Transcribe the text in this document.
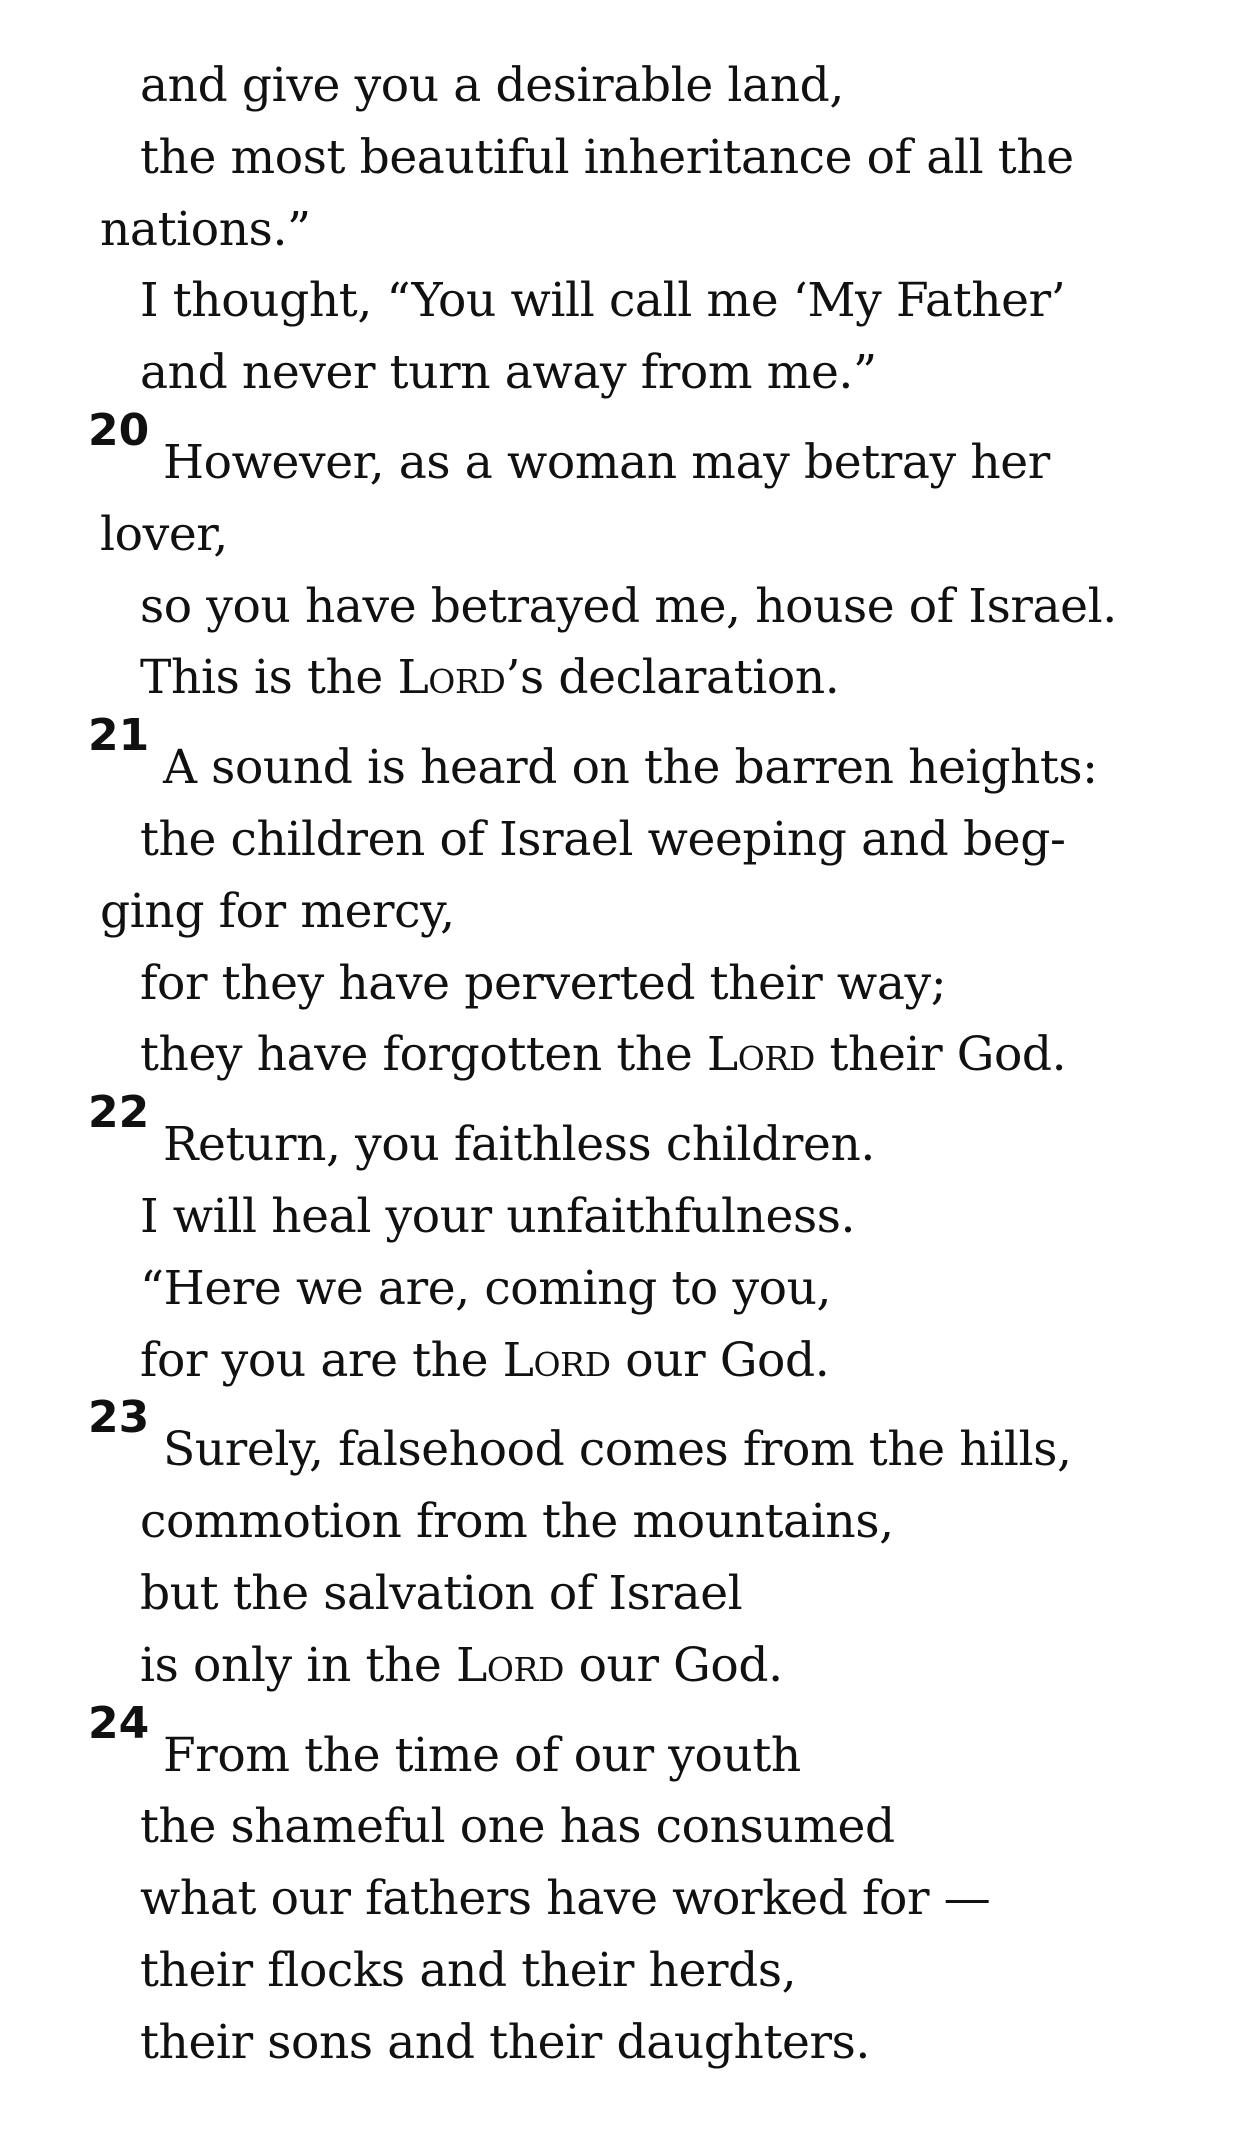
and give you a desirable land,
the most beautiful inheritance of all the
nations.”
I thought, “You will call me ‘My Father’
and never turn away from me.”
20
However, as a woman may betray her
lover,
so you have betrayed me, house of Israel.
This is the Lord’s declaration.
21
A sound is heard on the barren heights:
the children of Israel weeping and beg-
ging for mercy,
for they have perverted their way;
they have forgotten the Lord their God.
22
Return, you faithless children.
I will heal your unfaithfulness.
“Here we are, coming to you,
for you are the Lord our God.
23
Surely, falsehood comes from the hills,
commotion from the mountains,
but the salvation of Israel
is only in the Lord our God.
24
From the time of our youth
the shameful one has consumed
what our fathers have worked for —
their flocks and their herds,
their sons and their daughters.
